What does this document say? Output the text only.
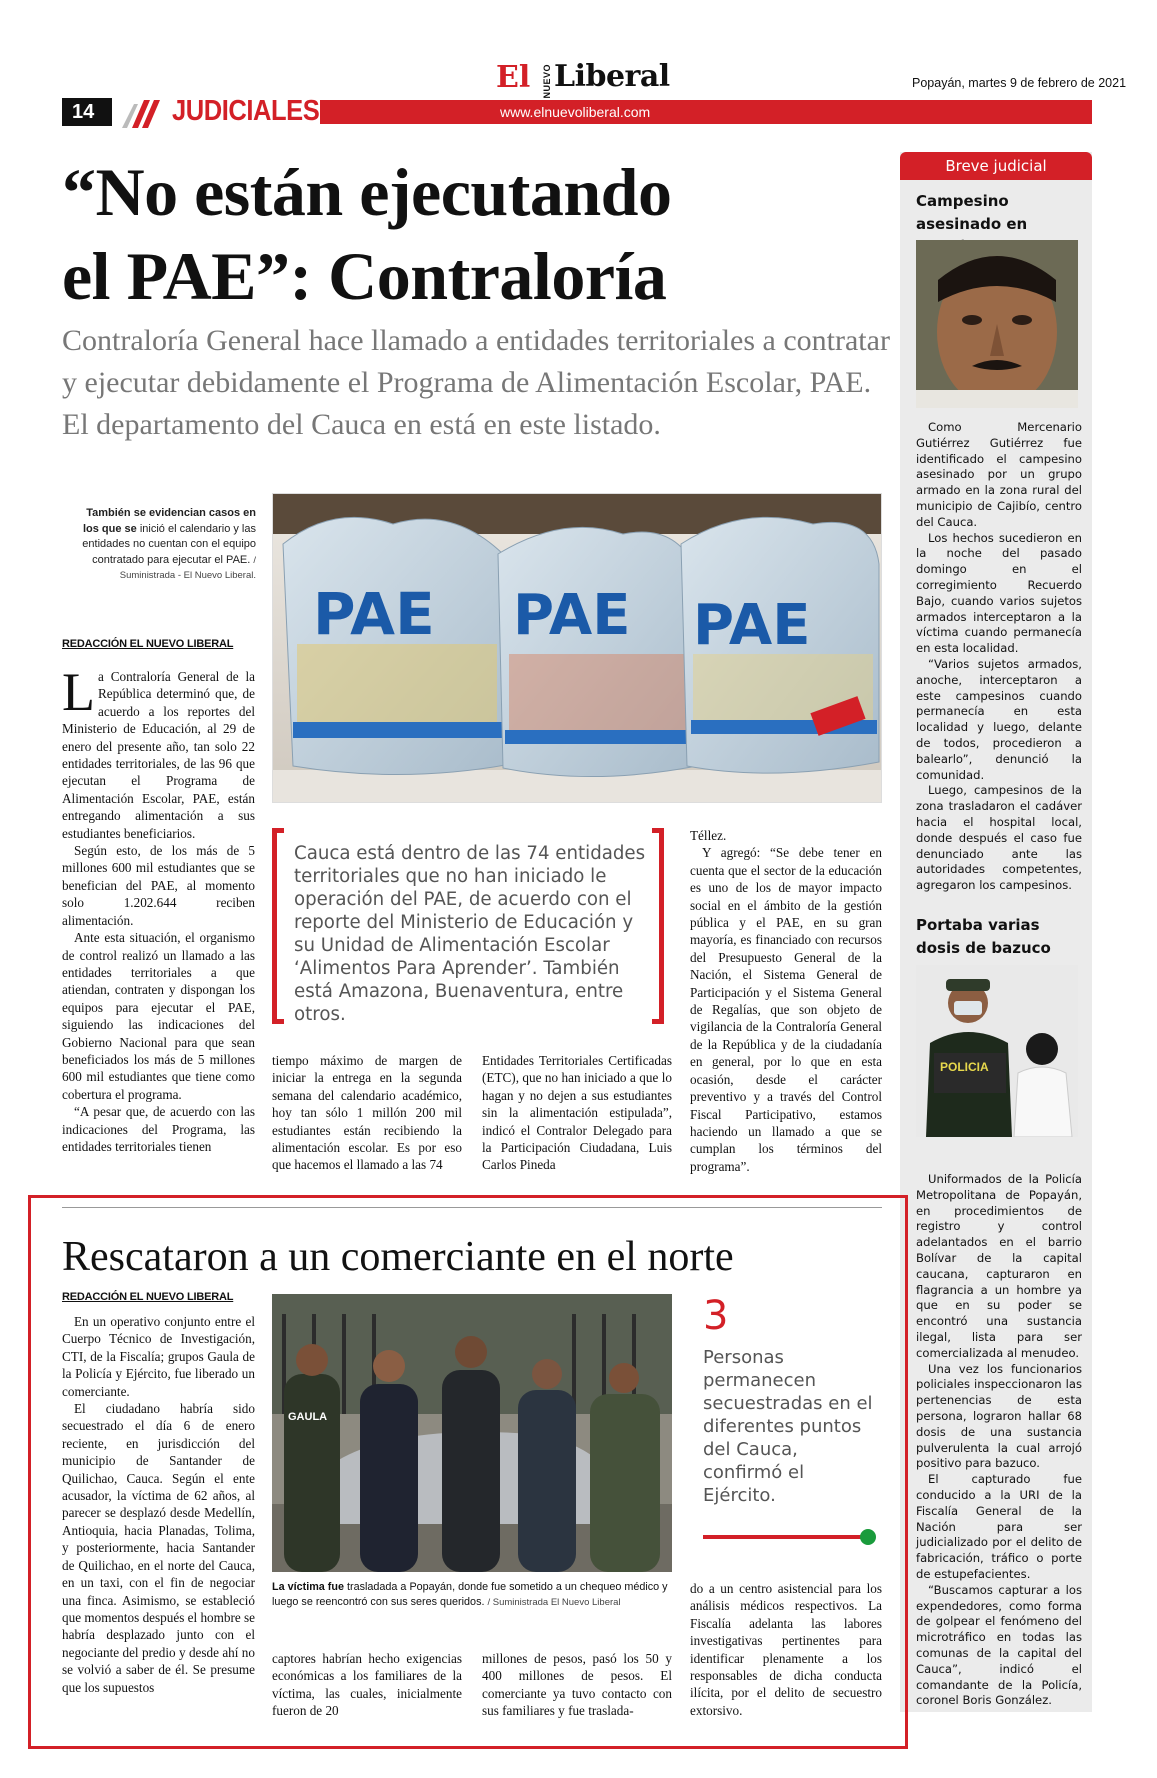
14	JUDICIALES
El NUEVO Liberal
www.elnuevoliberal.com
Popayán, martes 9 de febrero de 2021
“No están ejecutando
el PAE”: Contraloría
Contraloría General hace llamado a entidades territoriales a contratar y ejecutar debidamente el Programa de Alimentación Escolar, PAE. El departamento del Cauca en está en este listado.
También se evidencian casos en los que se inició el calendario y las entidades no cuentan con el equipo contratado para ejecutar el PAE. / Suministrada - El Nuevo Liberal.
PAE PAE PAE
REDACCIÓN EL NUEVO LIBERAL

La Contraloría General de la República determinó que, de acuerdo a los reportes del Ministerio de Educación, al 29 de enero del presente año, tan solo 22 entidades territoriales, de las 96 que ejecutan el Programa de Alimentación Escolar, PAE, están entregando alimentación a sus estudiantes beneficiarios.

Según esto, de los más de 5 millones 600 mil estudiantes que se benefician del PAE, al momento solo 1.202.644 reciben alimentación.

Ante esta situación, el organismo de control realizó un llamado a las entidades territoriales a que atiendan, contraten y dispongan los equipos para ejecutar el PAE, siguiendo las indicaciones del Gobierno Nacional para que sean beneficiados los más de 5 millones 600 mil estudiantes que tiene como cobertura el programa.

“A pesar que, de acuerdo con las indicaciones del Programa, las entidades territoriales tienen

Cauca está dentro de las 74 entidades territoriales que no han iniciado le operación del PAE, de acuerdo con el reporte del Ministerio de Educación y su Unidad de Alimentación Escolar ‘Alimentos Para Aprender’. También está Amazona, Buenaventura, entre otros.

tiempo máximo de margen de iniciar la entrega en la segunda semana del calendario académico, hoy tan sólo 1 millón 200 mil estudiantes están recibiendo la alimentación escolar. Es por eso que hacemos el llamado a las 74

Entidades Territoriales Certificadas (ETC), que no han iniciado a que lo hagan y no dejen a sus estudiantes sin la alimentación estipulada”, indicó el Contralor Delegado para la Participación Ciudadana, Luis Carlos Pineda

Téllez.

Y agregó: “Se debe tener en cuenta que el sector de la educación es uno de los de mayor impacto social en el ámbito de la gestión pública y el PAE, en su gran mayoría, es financiado con recursos del Presupuesto General de la Nación, el Sistema General de Participación y el Sistema General de Regalías, que son objeto de vigilancia de la Contraloría General de la República y de la ciudadanía en general, por lo que en esta ocasión, desde el carácter preventivo y a través del Control Fiscal Participativo, estamos haciendo un llamado a que se cumplan los términos del programa”.

Breve judicial
Campesino asesinado en

Como Mercenario Gutiérrez Gutiérrez fue identificado el campesino asesinado por un grupo armado en la zona rural del municipio de Cajibío, centro del Cauca.

Los hechos sucedieron en la noche del pasado domingo en el corregimiento Recuerdo Bajo, cuando varios sujetos armados interceptaron a la víctima cuando permanecía en esta localidad.

“Varios sujetos armados, anoche, interceptaron a este campesinos cuando permanecía en esta localidad y luego, delante de todos, procedieron a balearlo”, denunció la comunidad.

Luego, campesinos de la zona trasladaron el cadáver hacia el hospital local, donde después el caso fue denunciado ante las autoridades competentes, agregaron los campesinos.

Portaba varias dosis de bazuco
POLICIA

Uniformados de la Policía Metropolitana de Popayán, en procedimientos de registro y control adelantados en el barrio Bolívar de la capital caucana, capturaron en flagrancia a un hombre ya que en su poder se encontró una sustancia ilegal, lista para ser comercializada al menudeo.

Una vez los funcionarios policiales inspeccionaron las pertenencias de esta persona, lograron hallar 68 dosis de una sustancia pulverulenta la cual arrojó positivo para bazuco.

El capturado fue conducido a la URI de la Fiscalía General de la Nación para ser judicializado por el delito de fabricación, tráfico o porte de estupefacientes.

“Buscamos capturar a los expendedores, como forma de golpear el fenómeno del microtráfico en todas las comunas de la capital del Cauca”, indicó el comandante de la Policía, coronel Boris González.

Rescataron a un comerciante en el norte
REDACCIÓN EL NUEVO LIBERAL

En un operativo conjunto entre el Cuerpo Técnico de Investigación, CTI, de la Fiscalía; grupos Gaula de la Policía y Ejército, fue liberado un comerciante.

El ciudadano habría sido secuestrado el día 6 de enero reciente, en jurisdicción del municipio de Santander de Quilichao, Cauca. Según el ente acusador, la víctima de 62 años, al parecer se desplazó desde Medellín, Antioquia, hacia Planadas, Tolima, y posteriormente, hacia Santander de Quilichao, en el norte del Cauca, en un taxi, con el fin de negociar una finca. Asimismo, se estableció que momentos después el hombre se habría desplazado junto con el negociante del predio y desde ahí no se volvió a saber de él. Se presume que los supuestos

GAULA
La víctima fue trasladada a Popayán, donde fue sometido a un chequeo médico y luego se reencontró con sus seres queridos. / Suministrada El Nuevo Liberal

captores habrían hecho exigencias económicas a los familiares de la víctima, las cuales, inicialmente fueron de 20

millones de pesos, pasó los 50 y 400 millones de pesos. El comerciante ya tuvo contacto con sus familiares y fue traslada-

do a un centro asistencial para los análisis médicos respectivos. La Fiscalía adelanta las labores investigativas pertinentes para identificar plenamente a los responsables de dicha conducta ilícita, por el delito de secuestro extorsivo.

3
Personas permanecen secuestradas en el diferentes puntos del Cauca, confirmó el Ejército.
